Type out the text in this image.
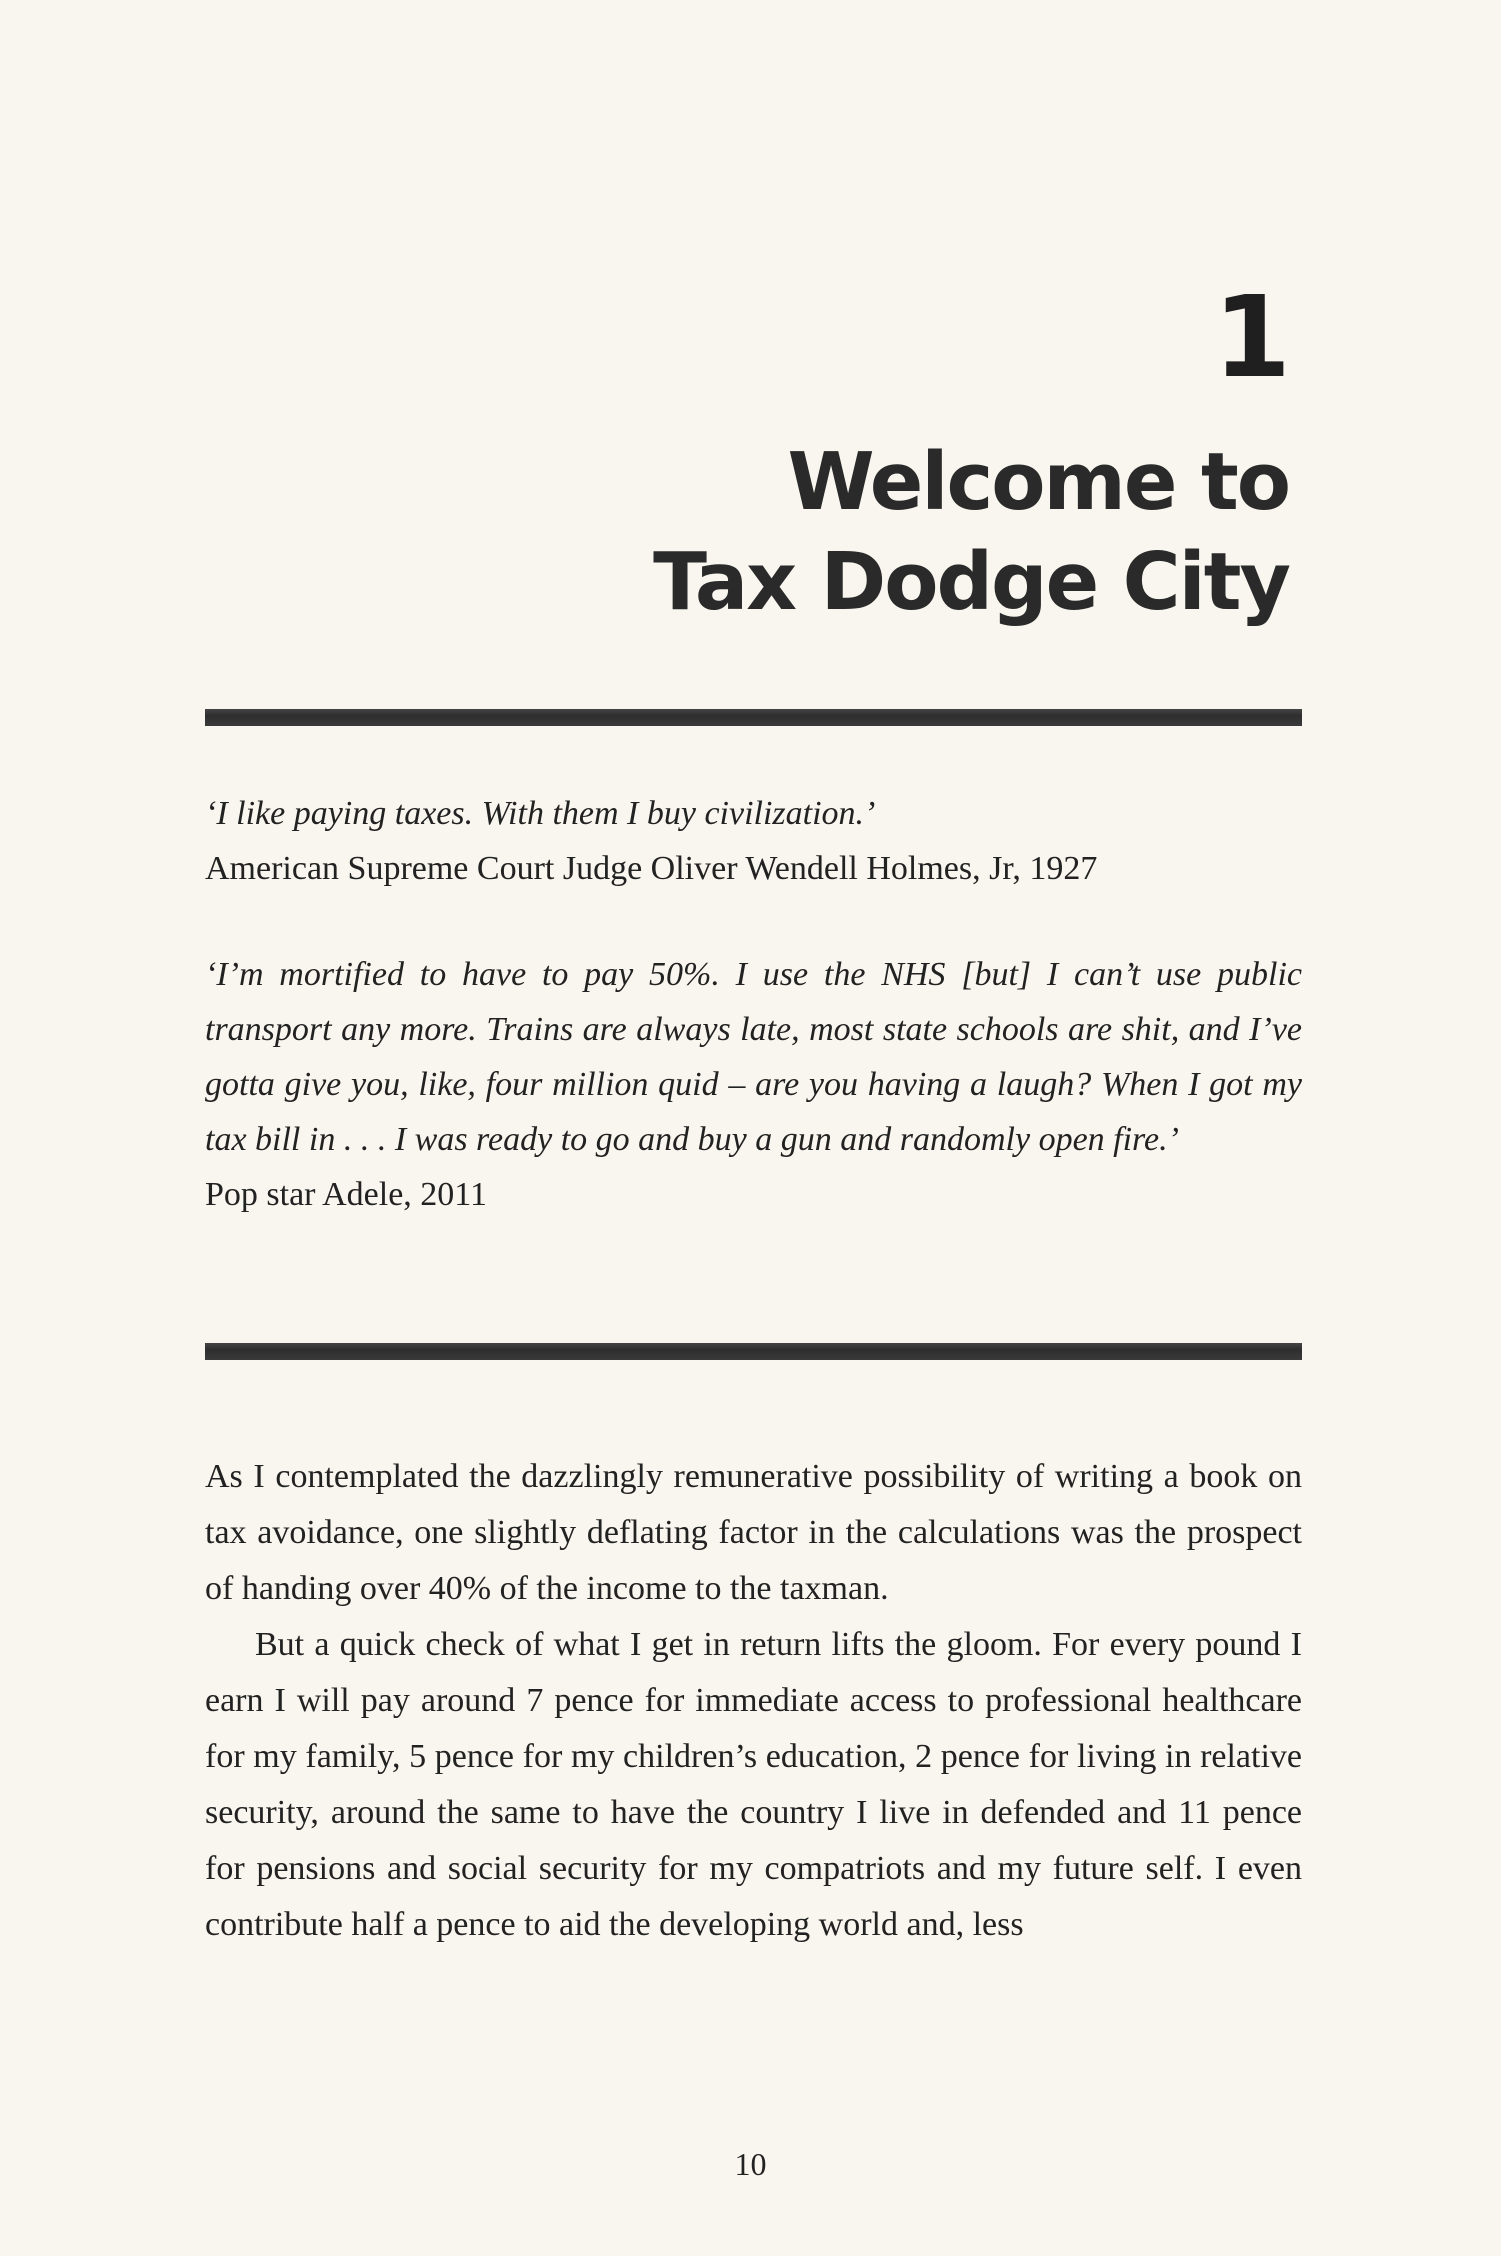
1
Welcome to
Tax Dodge City
‘I like paying taxes. With them I buy civilization.’
American Supreme Court Judge Oliver Wendell Holmes, Jr, 1927
‘I’m mortified to have to pay 50%. I use the NHS [but] I can’t use public transport any more. Trains are always late, most state schools are shit, and I’ve gotta give you, like, four million quid – are you having a laugh? When I got my tax bill in . . . I was ready to go and buy a gun and randomly open fire.’
Pop star Adele, 2011

As I contemplated the dazzlingly remunerative possibility of writing a book on tax avoidance, one slightly deflating factor in the calculations was the prospect of handing over 40% of the income to the taxman.

But a quick check of what I get in return lifts the gloom. For every pound I earn I will pay around 7 pence for immediate access to professional healthcare for my family, 5 pence for my children’s education, 2 pence for living in relative security, around the same to have the country I live in defended and 11 pence for pensions and social security for my compatriots and my future self. I even contribute half a pence to aid the developing world and, less

10
